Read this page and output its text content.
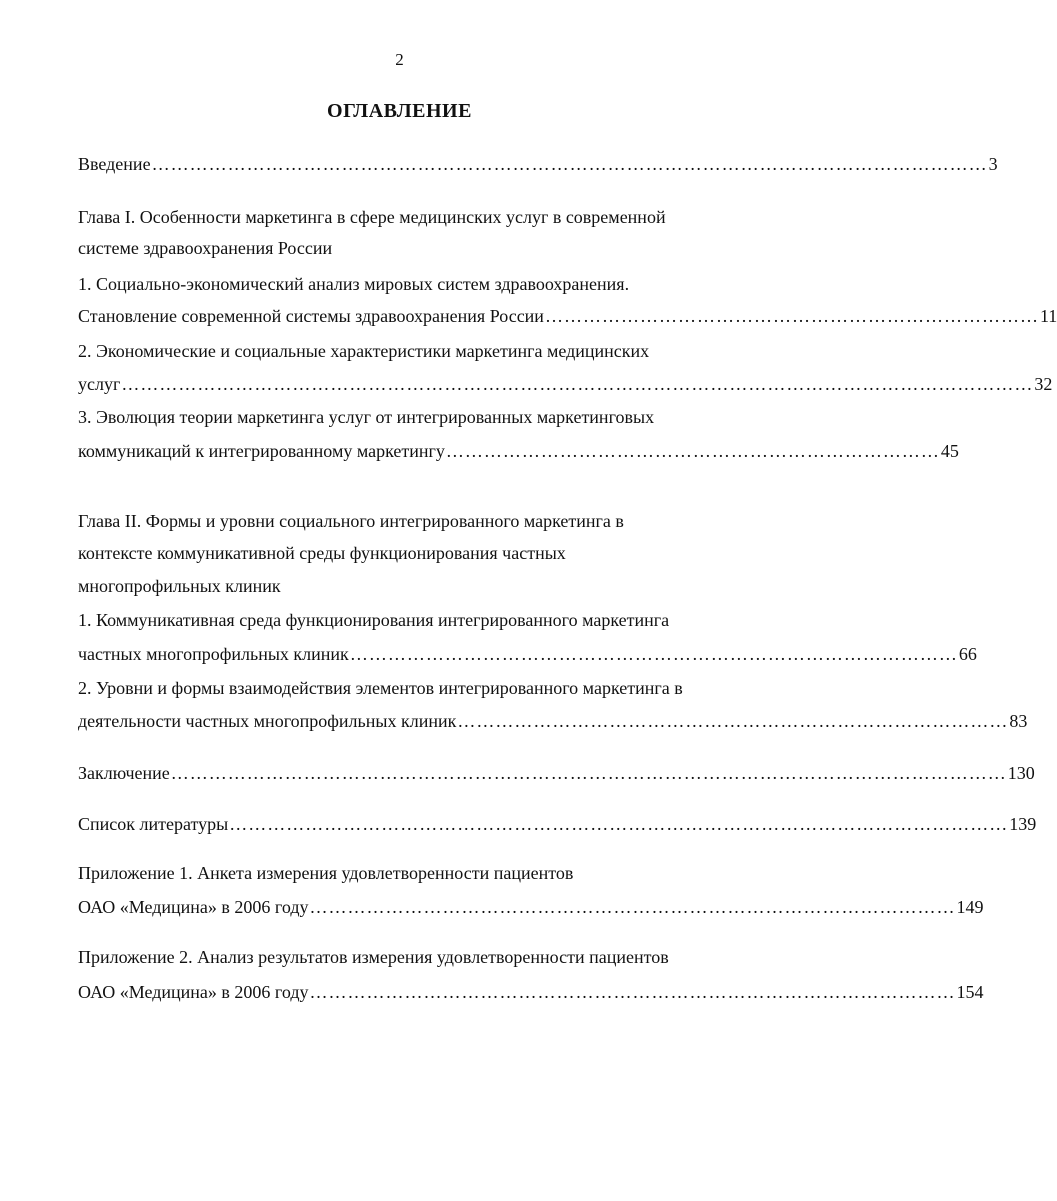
2
ОГЛАВЛЕНИЕ
Введение …………………………………………………………………………………………………………………… 3
Глава I. Особенности маркетинга в сфере медицинских услуг в современной
системе здравоохранения России
1. Социально-экономический анализ мировых систем здравоохранения.
Становление современной системы здравоохранения России …………………………………………………………………… 11
2. Экономические и социальные характеристики маркетинга медицинских
услуг ……………………………………………………………………………………………………………………………… 32
3. Эволюция теории маркетинга услуг от интегрированных маркетинговых
коммуникаций к интегрированному маркетингу …………………………………………………………………… 45
Глава II. Формы и уровни социального интегрированного маркетинга в
контексте коммуникативной среды функционирования частных
многопрофильных клиник
1. Коммуникативная среда функционирования интегрированного маркетинга
частных многопрофильных клиник …………………………………………………………………………………… 66
2. Уровни и формы взаимодействия элементов интегрированного маркетинга в
деятельности частных многопрофильных клиник …………………………………………………………………………… 83
Заключение …………………………………………………………………………………………………………………… 130
Список литературы …………………………………………………………………………………………………………… 139
Приложение 1. Анкета измерения удовлетворенности пациентов
ОАО «Медицина» в 2006 году ………………………………………………………………………………………… 149
Приложение 2. Анализ результатов измерения удовлетворенности пациентов
ОАО «Медицина» в 2006 году ………………………………………………………………………………………… 154
